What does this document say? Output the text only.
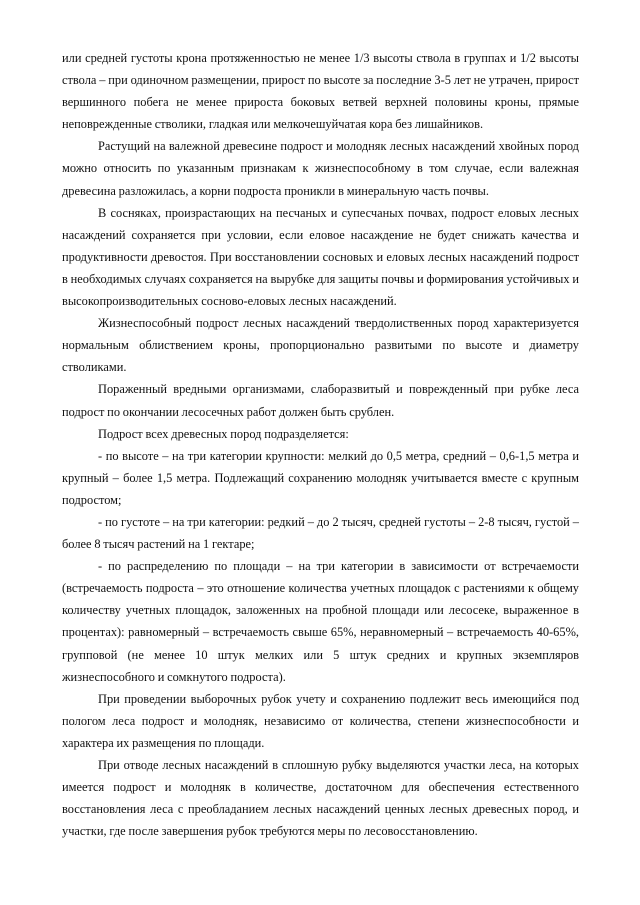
или средней густоты крона протяженностью не менее 1/3 высоты ствола в группах и 1/2 высоты ствола – при одиночном размещении, прирост по высоте за последние 3-5 лет не утрачен, прирост вершинного побега не менее прироста боковых ветвей верхней половины кроны, прямые неповрежденные стволики, гладкая или мелкочешуйчатая кора без лишайников.

Растущий на валежной древесине подрост и молодняк лесных насаждений хвойных пород можно относить по указанным признакам к жизнеспособному в том случае, если валежная древесина разложилась, а корни подроста проникли в минеральную часть почвы.

В сосняках, произрастающих на песчаных и супесчаных почвах, подрост еловых лесных насаждений сохраняется при условии, если еловое насаждение не будет снижать качества и продуктивности древостоя. При восстановлении сосновых и еловых лесных насаждений подрост в необходимых случаях сохраняется на вырубке для защиты почвы и формирования устойчивых и высокопроизводительных сосново-еловых лесных насаждений.

Жизнеспособный подрост лесных насаждений твердолиственных пород характеризуется нормальным облиствением кроны, пропорционально развитыми по высоте и диаметру стволиками.

Пораженный вредными организмами, слаборазвитый и поврежденный при рубке леса подрост по окончании лесосечных работ должен быть срублен.

Подрост всех древесных пород подразделяется:

- по высоте – на три категории крупности: мелкий до 0,5 метра, средний – 0,6-1,5 метра и крупный – более 1,5 метра. Подлежащий сохранению молодняк учитывается вместе с крупным подростом;

- по густоте – на три категории: редкий – до 2 тысяч, средней густоты – 2-8 тысяч, густой – более 8 тысяч растений на 1 гектаре;

- по распределению по площади – на три категории в зависимости от встречаемости (встречаемость подроста – это отношение количества учетных площадок с растениями к общему количеству учетных площадок, заложенных на пробной площади или лесосеке, выраженное в процентах): равномерный – встречаемость свыше 65%, неравномерный – встречаемость 40-65%, групповой (не менее 10 штук мелких или 5 штук средних и крупных экземпляров жизнеспособного и сомкнутого подроста).

При проведении выборочных рубок учету и сохранению подлежит весь имеющийся под пологом леса подрост и молодняк, независимо от количества, степени жизнеспособности и характера их размещения по площади.

При отводе лесных насаждений в сплошную рубку выделяются участки леса, на которых имеется подрост и молодняк в количестве, достаточном для обеспечения естественного восстановления леса с преобладанием лесных насаждений ценных лесных древесных пород, и участки, где после завершения рубок требуются меры по лесовосстановлению.
